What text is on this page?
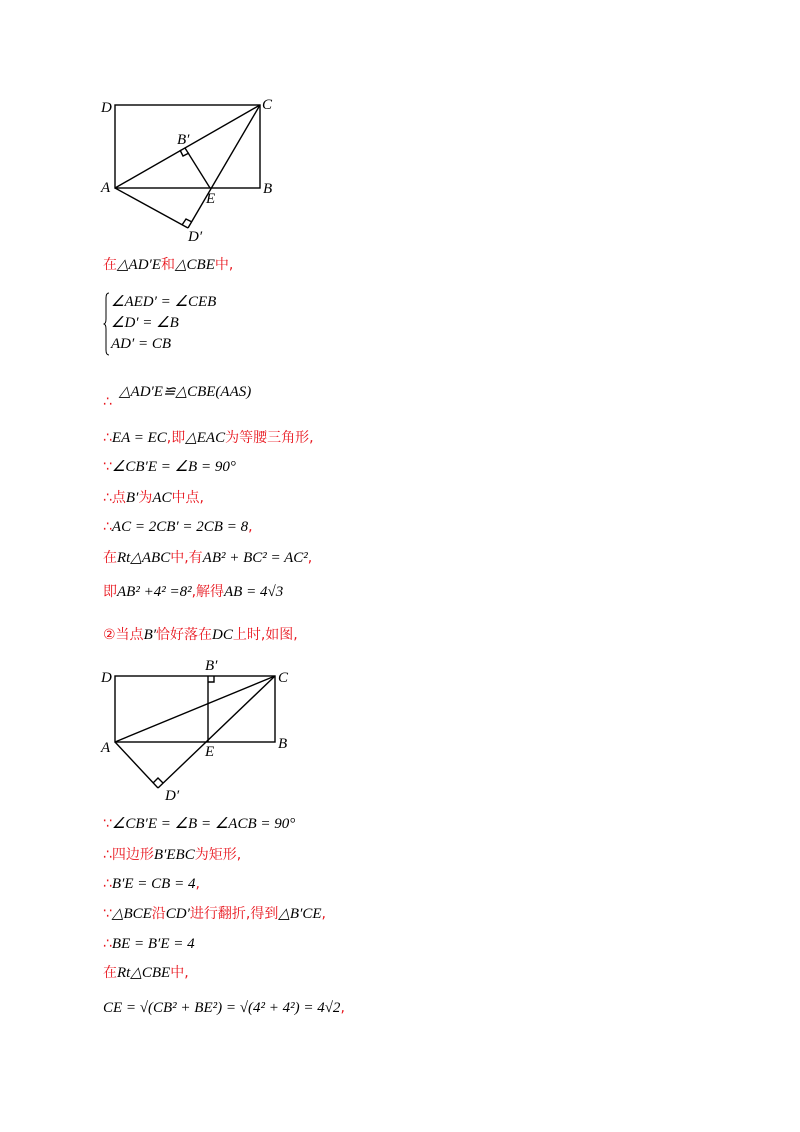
D	C
B′
A
E
B
D′
在△AD′E和△CBE中,
∠AED′ = ∠CEB
∠D′ = ∠B
AD′ = CB
△AD′E≌△CBE(AAS)
∴
∴EA = EC,即△EAC为等腰三角形,
∵∠CB′E = ∠B = 90°
∴点B′为AC中点,
∴AC = 2CB′ = 2CB = 8,
在Rt△ABC中,有AB² + BC² = AC²,
即AB² +4² =8²,解得AB = 4√3
②当点B′恰好落在DC上时,如图,
D
B′
C
A	E	B
D′
∵∠CB′E = ∠B = ∠ACB = 90°
∴四边形B′EBC为矩形,
∴B′E = CB = 4,
∵△BCE沿CD′进行翻折,得到△B′CE,
∴BE = B′E = 4
在Rt△CBE中,
CE = √(CB² + BE²) = √(4² + 4²) = 4√2,
